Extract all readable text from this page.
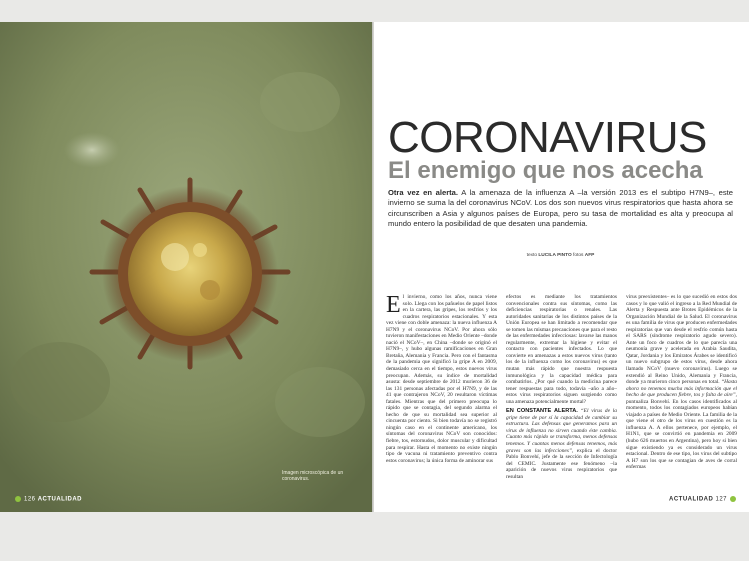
Imagen microscópica de un coronavirus.
126 ACTUALIDAD
CORONAVIRUS
El enemigo que nos acecha
Otra vez en alerta. A la amenaza de la influenza A –la versión 2013 es el subtipo H7N9–, este invierno se suma la del coronavirus NCoV. Los dos son nuevos virus respiratorios que hasta ahora se circunscriben a Asia y algunos países de Europa, pero su tasa de mortalidad es alta y preocupa al mundo entero la posibilidad de que desaten una pandemia.
texto LUCILA PINTO fotos AFP

El invierno, como los años, nunca viene solo. Llega con los pañuelos de papel listos en la cartera, las gripes, los resfríos y los cuadros respiratorios estacionales. Y esta vez viene con doble amenaza: la nueva influenza A H7N9 y el coronavirus NCoV. Por ahora sólo tuvieron manifestaciones en Medio Oriente –donde nació el NCoV–, en China –donde se originó el H7N9–, y hubo algunas ramificaciones en Gran Bretaña, Alemania y Francia. Pero con el fantasma de la pandemia que significó la gripe A en 2009, demasiado cerca en el tiempo, estos nuevos virus preocupan. Además, su índice de mortalidad asusta: desde septiembre de 2012 murieron 36 de las 131 personas afectadas por el H7N9, y de las 41 que contrajeron NCoV, 20 resultaron víctimas fatales. Mientras que del primero preocupa lo rápido que se contagia, del segundo alarma el hecho de que su mortalidad sea superior al cincuenta por ciento. Si bien todavía no se registró ningún caso en el continente americano, los síntomas del coronavirus NCoV son conocidos: fiebre, tos, estornudos, dolor muscular y dificultad para respirar. Hasta el momento no existe ningún tipo de vacuna ni tratamiento preventivo contra estos coronavirus; la única forma de aminorar sus

efectos es mediante los tratamientos convencionales contra sus síntomas, como las deficiencias respiratorias o renales. Las autoridades sanitarias de los distintos países de la Unión Europea se han limitado a recomendar que se tomen las mismas precauciones que para el resto de las enfermedades infecciosas: lavarse las manos regularmente, extremar la higiene y evitar el contacto con pacientes infectados. Lo que convierte en amenazas a estos nuevos virus (tanto los de la influenza como los coronavirus) es que mutan más rápido que nuestra respuesta inmunológica y la capacidad médica para combatirlos. ¿Por qué cuando la medicina parece tener respuestas para todo, todavía –año a año– estos virus respiratorios siguen surgiendo como una amenaza potencialmente mortal?

EN CONSTANTE ALERTA. “El virus de la gripe tiene de por sí la capacidad de cambiar su estructura. Las defensas que generamos para un virus de influenza no sirven cuando éste cambia. Cuanto más rápido se transforma, menos defensas tenemos. Y cuantas menos defensas tenemos, más graves son las infecciones”, explica el doctor Pablo Bonvehí, jefe de la sección de Infectología del CEMIC. Justamente ese fenómeno –la aparición de nuevos virus respiratorios que resultan

virus preexistentes– es lo que sucedió en estos dos casos y lo que valió el ingreso a la Red Mundial de Alerta y Respuesta ante Brotes Epidémicos de la Organización Mundial de la Salud. El coronavirus es una familia de virus que producen enfermedades respiratorias que van desde el resfrío común hasta el SARS (síndrome respiratorio agudo severo). Ante un foco de cuadros de lo que parecía una neumonía grave y acelerada en Arabia Saudita, Qatar, Jordania y los Emiratos Árabes se identificó un nuevo subgrupo de estos virus, desde ahora llamado NCoV (nuevo coronavirus). Luego se extendió al Reino Unido, Alemania y Francia, donde ya murieron cinco personas en total. “Hasta ahora no tenemos mucha más información que el hecho de que producen fiebre, tos y falta de aire”, puntualiza Bonvehí. En los casos identificados al momento, todos los contagiados europeos habían viajado a países de Medio Oriente. La familia de la que viene el otro de los virus en cuestión es la influenza A. A ellos pertenece, por ejemplo, el H1N1, que se convirtió en pandemia en 2009 (hubo 626 muertos en Argentina), pero hoy si bien sigue existiendo ya es considerado un virus estacional. Dentro de ese tipo, los virus del subtipo A H7 son los que se contagian de aves de corral enfermas

ACTUALIDAD 127
